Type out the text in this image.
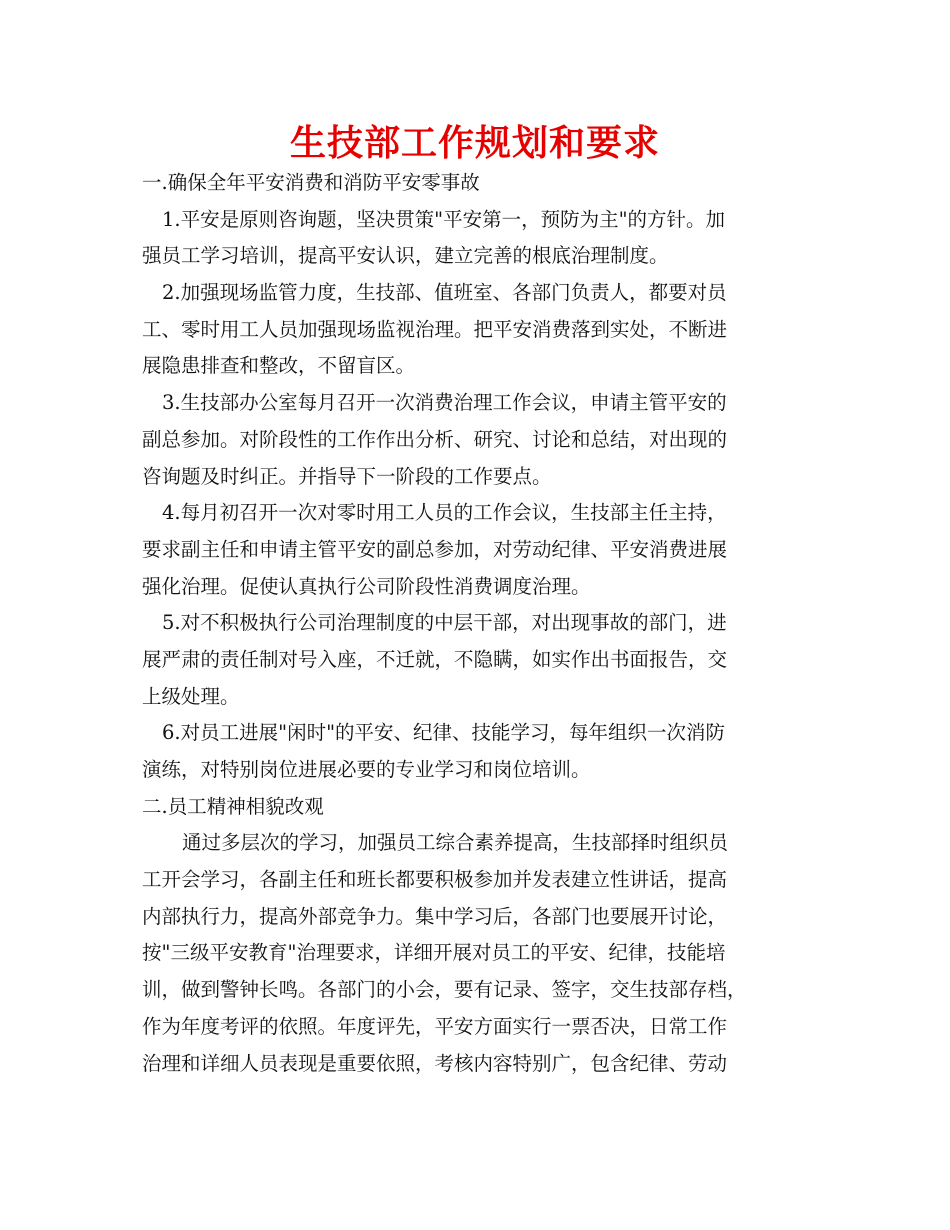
生技部工作规划和要求
一.确保全年平安消费和消防平安零事故
1.平安是原则咨询题，坚决贯策"平安第一，预防为主"的方针。加
强员工学习培训，提高平安认识，建立完善的根底治理制度。
2.加强现场监管力度，生技部、值班室、各部门负责人，都要对员
工、零时用工人员加强现场监视治理。把平安消费落到实处，不断进
展隐患排查和整改，不留盲区。
3.生技部办公室每月召开一次消费治理工作会议，申请主管平安的
副总参加。对阶段性的工作作出分析、研究、讨论和总结，对出现的
咨询题及时纠正。并指导下一阶段的工作要点。
4.每月初召开一次对零时用工人员的工作会议，生技部主任主持，
要求副主任和申请主管平安的副总参加，对劳动纪律、平安消费进展
强化治理。促使认真执行公司阶段性消费调度治理。
5.对不积极执行公司治理制度的中层干部，对出现事故的部门，进
展严肃的责任制对号入座，不迁就，不隐瞒，如实作出书面报告，交
上级处理。
6.对员工进展"闲时"的平安、纪律、技能学习，每年组织一次消防
演练，对特别岗位进展必要的专业学习和岗位培训。
二.员工精神相貌改观
通过多层次的学习，加强员工综合素养提高，生技部择时组织员
工开会学习，各副主任和班长都要积极参加并发表建立性讲话，提高
内部执行力，提高外部竞争力。集中学习后，各部门也要展开讨论，
按"三级平安教育"治理要求，详细开展对员工的平安、纪律，技能培
训，做到警钟长鸣。各部门的小会，要有记录、签字，交生技部存档，
作为年度考评的依照。年度评先，平安方面实行一票否决，日常工作
治理和详细人员表现是重要依照，考核内容特别广，包含纪律、劳动
